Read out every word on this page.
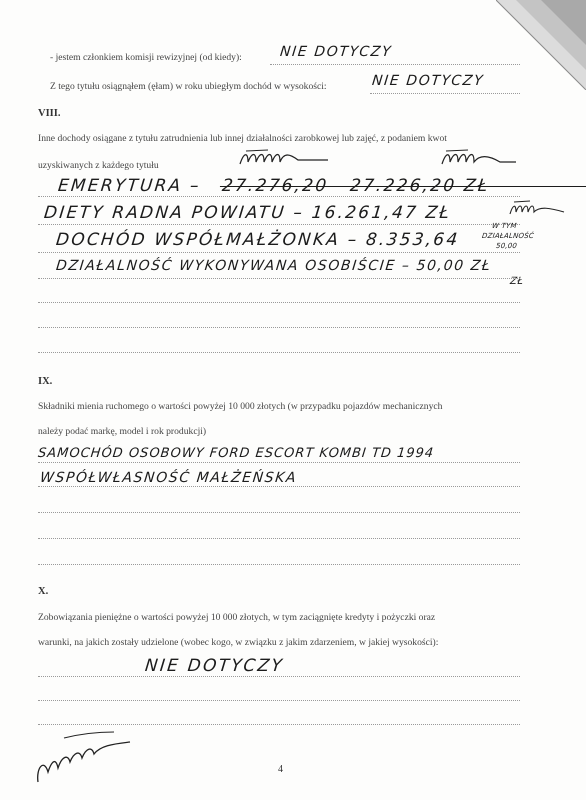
- jestem członkiem komisji rewizyjnej (od kiedy):	NIE DOTYCZY
Z tego tytułu osiągnąłem (ęłam) w roku ubiegłym dochód w wysokości:	NIE DOTYCZY
VIII.
Inne dochody osiągane z tytułu zatrudnienia lub innej działalności zarobkowej lub zajęć, z podaniem kwot
uzyskiwanych z każdego tytułu
EMERYTURA – 27.276,20	27.226,20 ZŁ
DIETY RADNA POWIATU – 16.261,47 ZŁ
DOCHÓD WSPÓŁMAŁŻONKA – 8.353,64
W TYM
DZIAŁALNOŚĆ
50,00
DZIAŁALNOŚĆ WYKONYWANA OSOBIŚCIE – 50,00 ZŁ
ZŁ
IX.
Składniki mienia ruchomego o wartości powyżej 10 000 złotych (w przypadku pojazdów mechanicznych
należy podać markę, model i rok produkcji)
SAMOCHÓD OSOBOWY FORD ESCORT KOMBI TD 1994
WSPÓŁWŁASNOŚĆ MAŁŻEŃSKA
X.
Zobowiązania pieniężne o wartości powyżej 10 000 złotych, w tym zaciągnięte kredyty i pożyczki oraz
warunki, na jakich zostały udzielone (wobec kogo, w związku z jakim zdarzeniem, w jakiej wysokości):
NIE DOTYCZY
4
